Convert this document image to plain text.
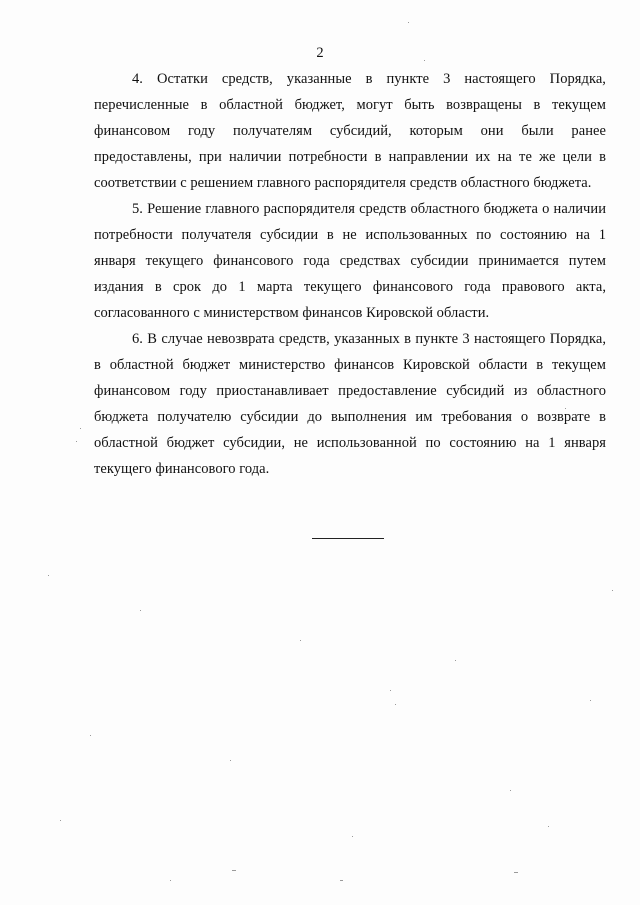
2

4. Остатки средств, указанные в пункте 3 настоящего Порядка, перечисленные в областной бюджет, могут быть возвращены в текущем финансовом году получателям субсидий, которым они были ранее предоставлены, при наличии потребности в направлении их на те же цели в соответствии с решением главного распорядителя средств областного бюджета.

5. Решение главного распорядителя средств областного бюджета о наличии потребности получателя субсидии в не использованных по состоянию на 1 января текущего финансового года средствах субсидии принимается путем издания в срок до 1 марта текущего финансового года правового акта, согласованного с министерством финансов Кировской области.

6. В случае невозврата средств, указанных в пункте 3 настоящего Порядка, в областной бюджет министерство финансов Кировской области в текущем финансовом году приостанавливает предоставление субсидий из областного бюджета получателю субсидии до выполнения им требования о возврате в областной бюджет субсидии, не использованной по состоянию на 1 января текущего финансового года.
